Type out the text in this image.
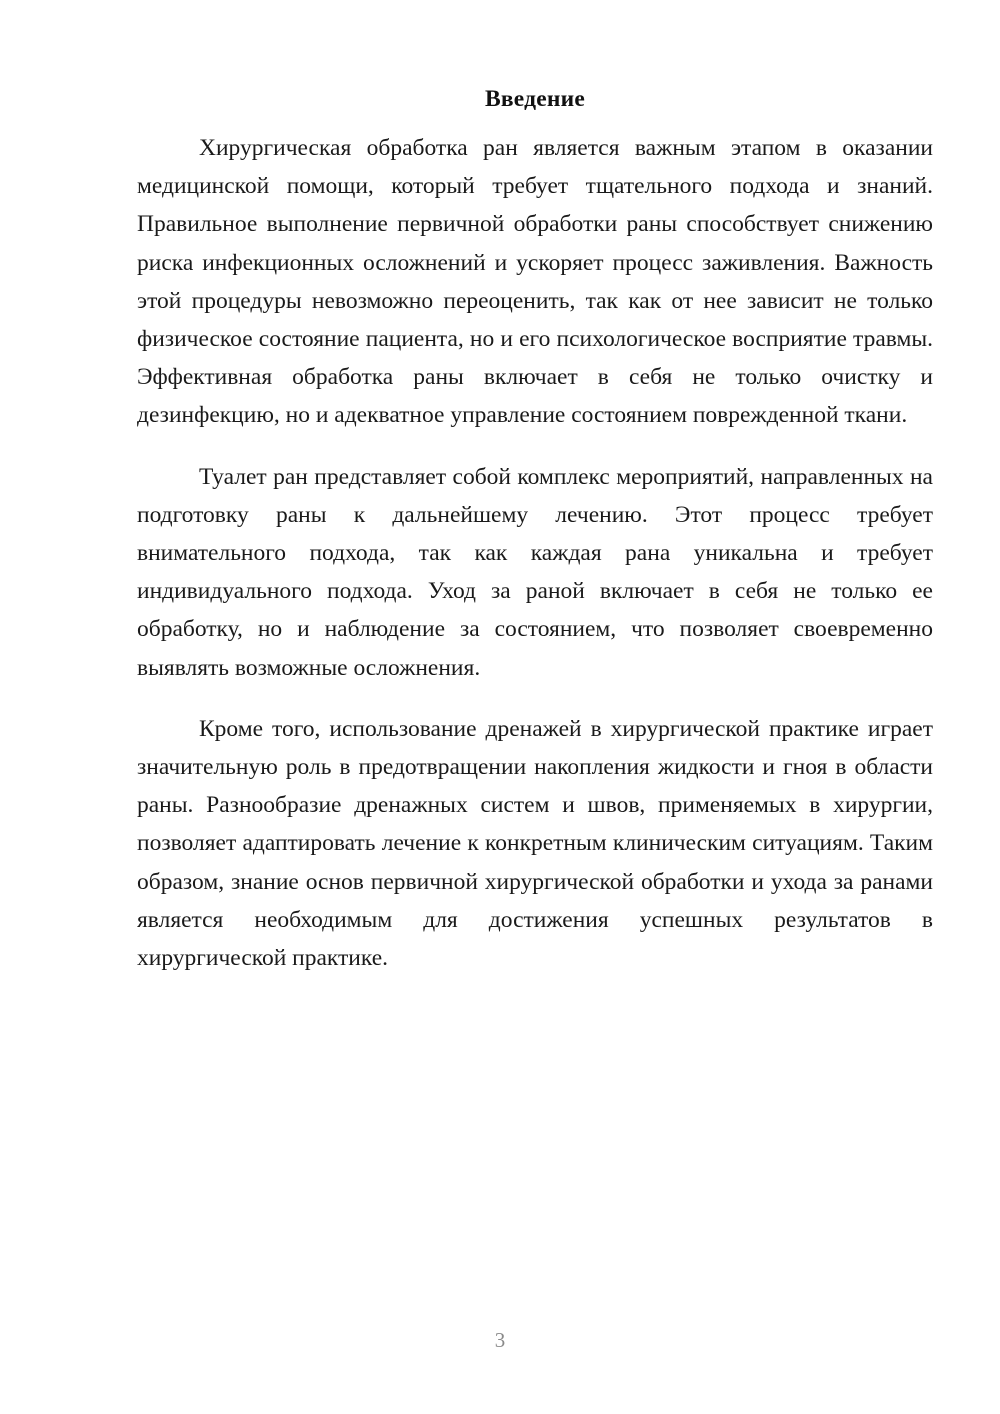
Введение

Хирургическая обработка ран является важным этапом в оказании медицинской помощи, который требует тщательного подхода и знаний. Правильное выполнение первичной обработки раны способствует снижению риска инфекционных осложнений и ускоряет процесс заживления. Важность этой процедуры невозможно переоценить, так как от нее зависит не только физическое состояние пациента, но и его психологическое восприятие травмы. Эффективная обработка раны включает в себя не только очистку и дезинфекцию, но и адекватное управление состоянием поврежденной ткани.

Туалет ран представляет собой комплекс мероприятий, направленных на подготовку раны к дальнейшему лечению. Этот процесс требует внимательного подхода, так как каждая рана уникальна и требует индивидуального подхода. Уход за раной включает в себя не только ее обработку, но и наблюдение за состоянием, что позволяет своевременно выявлять возможные осложнения.

Кроме того, использование дренажей в хирургической практике играет значительную роль в предотвращении накопления жидкости и гноя в области раны. Разнообразие дренажных систем и швов, применяемых в хирургии, позволяет адаптировать лечение к конкретным клиническим ситуациям. Таким образом, знание основ первичной хирургической обработки и ухода за ранами является необходимым для достижения успешных результатов в хирургической практике.

3
